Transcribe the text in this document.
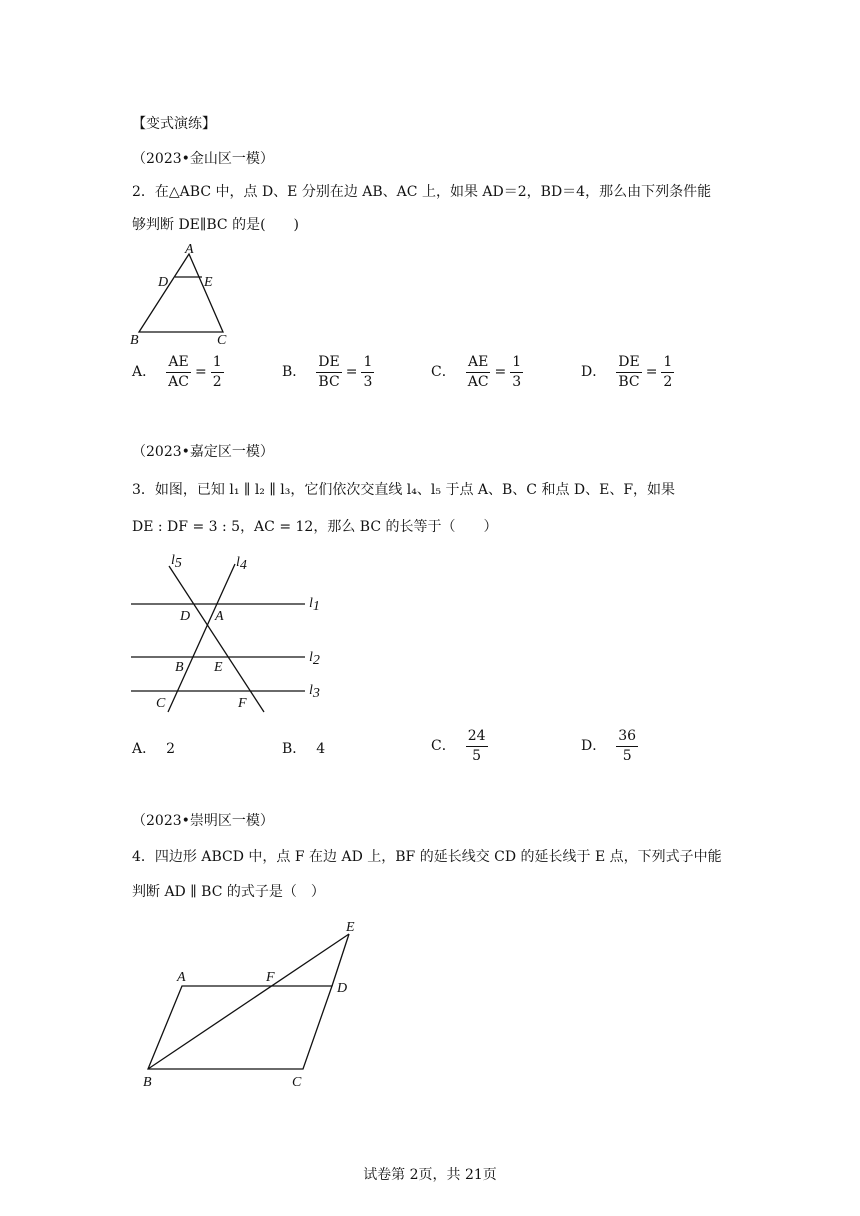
【变式演练】
（2023•金山区一模）
2．在△ABC 中，点 D、E 分别在边 AB、AC 上，如果 AD＝2，BD＝4，那么由下列条件能
够判断 DE∥BC 的是(　　)
A
D	E
B	C
A． $\frac{AE}{AC} = \frac{1}{2}$	B． $\frac{DE}{BC} = \frac{1}{3}$	C． $\frac{AE}{AC} = \frac{1}{3}$	D． $\frac{DE}{BC} = \frac{1}{2}$
（2023•嘉定区一模）
3．如图，已知 l₁ ∥ l₂ ∥ l₃，它们依次交直线 l₄、l₅ 于点 A、B、C 和点 D、E、F，如果
DE : DF = 3 : 5，AC = 12，那么 BC 的长等于（　　）
l5	l4
l1
l2
l3
D A
B E
C	F
A． 2	B． 4	C． $\frac{24}{5}$	D． $\frac{36}{5}$
（2023•崇明区一模）
4．四边形 ABCD 中，点 F 在边 AD 上，BF 的延长线交 CD 的延长线于 E 点，下列式子中能
判断 AD ∥ BC 的式子是（　）
A	F
D
E
B	C
试卷第 2页，共 21页
